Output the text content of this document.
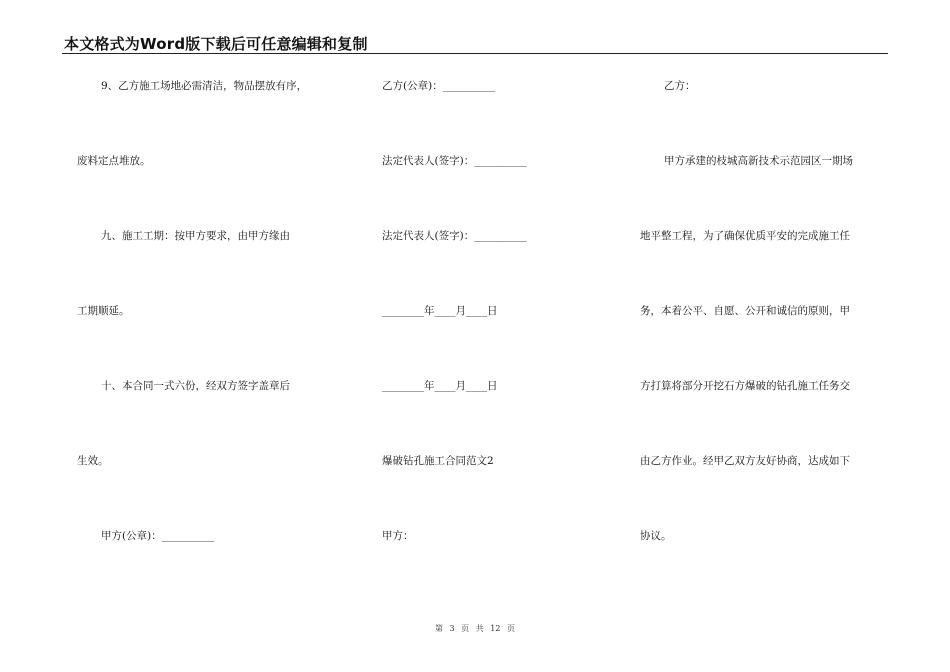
本文格式为Word版下载后可任意编辑和复制
9、乙方施工场地必需清洁，物品摆放有序，
废料定点堆放。
九、施工工期：按甲方要求，由甲方缘由
工期顺延。
十、本合同一式六份，经双方签字盖章后
生效。
甲方(公章)：__________
乙方(公章)：__________
法定代表人(签字)：__________
法定代表人(签字)：__________
________年____月____日
________年____月____日
爆破钻孔施工合同范文2
甲方：
乙方：
甲方承建的枝城高新技术示范园区一期场
地平整工程，为了确保优质平安的完成施工任
务，本着公平、自愿、公开和诚信的原则，甲
方打算将部分开挖石方爆破的钻孔施工任务交
由乙方作业。经甲乙双方友好协商，达成如下
协议。
第 3 页 共 12 页
